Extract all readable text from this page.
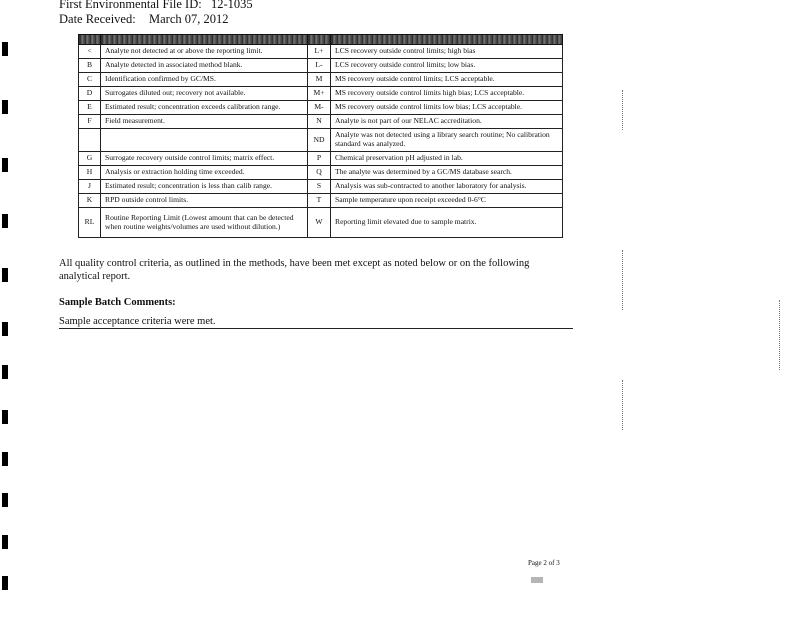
First Environmental File ID: 12-1035
Date Received: March 07, 2012

<	Analyte not detected at or above the reporting limit.	L+	LCS recovery outside control limits; high bias
B	Analyte detected in associated method blank.	L-	LCS recovery outside control limits; low bias.
C	Identification confirmed by GC/MS.	M	MS recovery outside control limits; LCS acceptable.
D	Surrogates diluted out; recovery not available.	M+	MS recovery outside control limits high bias; LCS acceptable.
E	Estimated result; concentration exceeds calibration range.	M-	MS recovery outside control limits low bias; LCS acceptable.
F	Field measurement.	N	Analyte is not part of our NELAC accreditation.
		ND	Analyte was not detected using a library search routine; No calibration standard was analyzed.
G	Surrogate recovery outside control limits; matrix effect.	P	Chemical preservation pH adjusted in lab.
H	Analysis or extraction holding time exceeded.	Q	The analyte was determined by a GC/MS database search.
J	Estimated result; concentration is less than calib range.	S	Analysis was sub-contracted to another laboratory for analysis.
K	RPD outside control limits.	T	Sample temperature upon receipt exceeded 0-6°C
RL	Routine Reporting Limit (Lowest amount that can be detected when routine weights/volumes are used without dilution.)	W	Reporting limit elevated due to sample matrix.
All quality control criteria, as outlined in the methods, have been met except as noted below or on the following analytical report.
Sample Batch Comments:
Sample acceptance criteria were met.
Page 2 of 3
